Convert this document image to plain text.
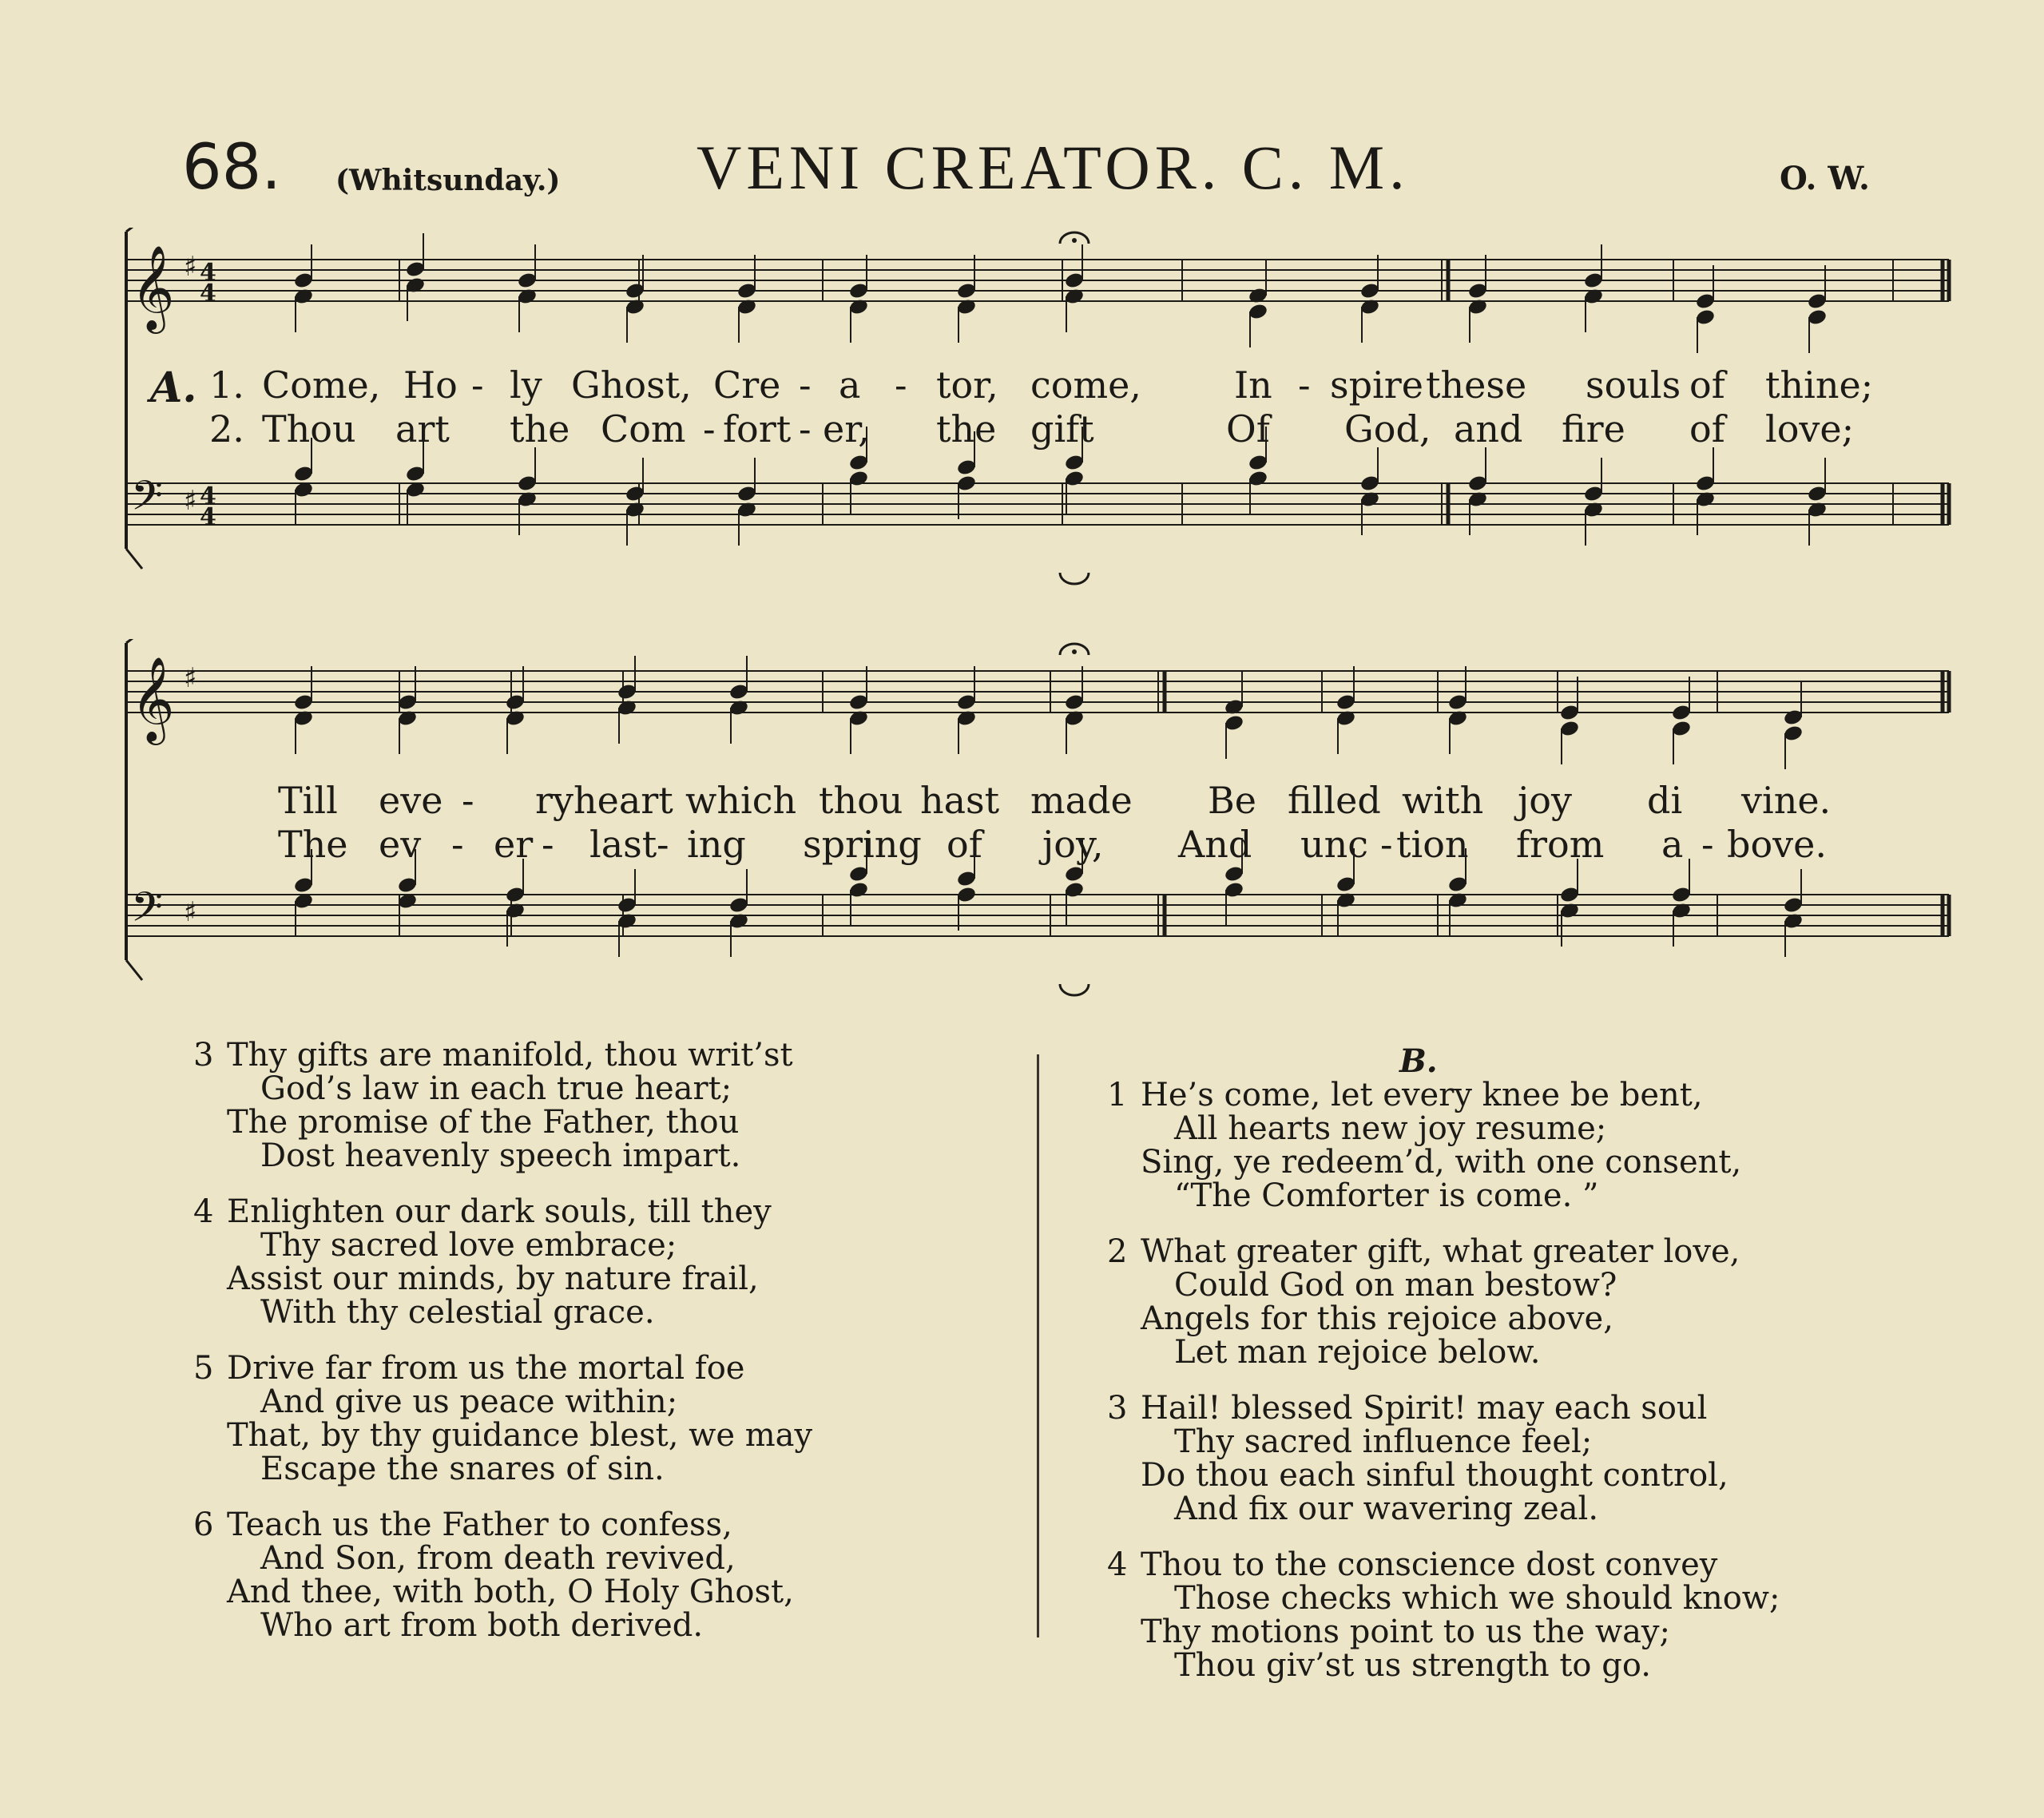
68. (Whitsunday.) VENI CREATOR. C. M.	O. W.
𝄞
𝄢
♯
♯
4
4
4
4
A. 1. Come, Ho - ly Ghost, Cre - a - tor, come,	In - spire these souls of thine;
2. Thou art the Com - fort - er, the gift	Of God, and fire of love;
𝄞
𝄢
♯
♯
Till eve - ry heart which thou hast made Be filled with joy di vine.
The ev - er - last - ing spring of joy, And unc - tion from a - bove.
3 Thy gifts are manifold, thou writ’st
God’s law in each true heart;
The promise of the Father, thou
Dost heavenly speech impart.
4 Enlighten our dark souls, till they
Thy sacred love embrace;
Assist our minds, by nature frail,
With thy celestial grace.
5 Drive far from us the mortal foe
And give us peace within;
That, by thy guidance blest, we may
Escape the snares of sin.
6 Teach us the Father to confess,
And Son, from death revived,
And thee, with both, O Holy Ghost,
Who art from both derived.
B.
1 He’s come, let every knee be bent,
All hearts new joy resume;
Sing, ye redeem’d, with one consent,
“The Comforter is come. ”
2 What greater gift, what greater love,
Could God on man bestow?
Angels for this rejoice above,
Let man rejoice below.
3 Hail! blessed Spirit! may each soul
Thy sacred influence feel;
Do thou each sinful thought control,
And fix our wavering zeal.
4 Thou to the conscience dost convey
Those checks which we should know;
Thy motions point to us the way;
Thou giv’st us strength to go.
